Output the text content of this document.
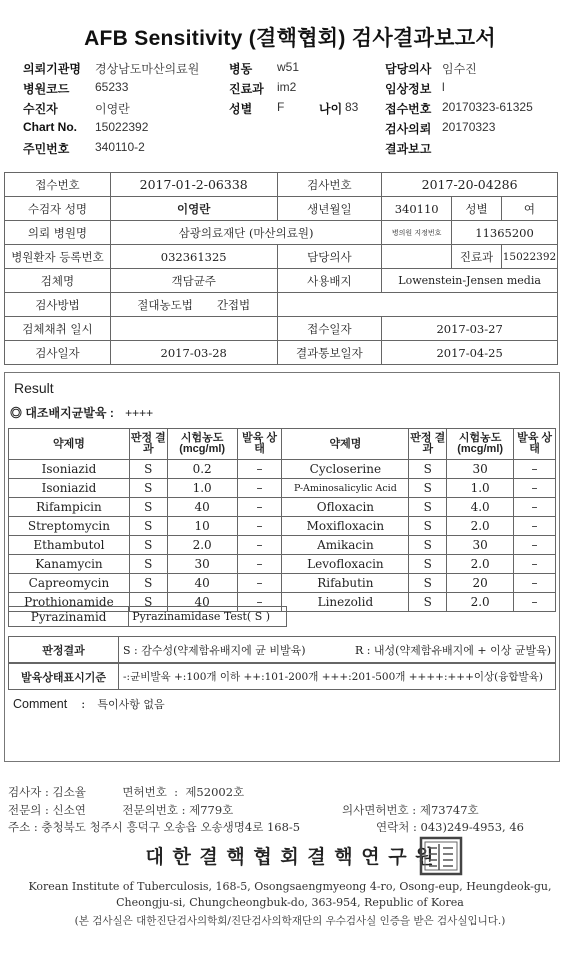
AFB Sensitivity (결핵협회) 검사결과보고서
의뢰기관명	경상남도마산의료원
병원코드	65233
수진자	이영란
Chart No.	15022392
주민번호	340110-2
병동	w51
진료과	im2
성별	F	나이 83
담당의사 임수진
임상정보 l
접수번호 20170323-61325
검사의뢰 20170323
결과보고
접수번호	2017-01-2-06338	검사번호	2017-20-04286		
수검자 성명	이영란	생년월일	340110	성별	여
의뢰 병원명	삼광의료재단 (마산의료원)		병의원 지정번호	11365200	
병원환자 등록번호	032361325	담당의사		진료과	15022392
검체명	객담균주	사용배지	Lowenstein-Jensen media		
검사방법	절대농도법 간접법				
검체채취 일시		접수일자	2017-03-27		
검사일자	2017-03-28	결과통보일자	2017-04-25		
Result
◎ 대조배지균발육 : ++++
약제명	판정 결과	시험농도 (mcg/ml)	발육 상태	약제명	판정 결과	시험농도 (mcg/ml)	발육 상태
Isoniazid	S	0.2	–	Cycloserine	S	30	–
Isoniazid	S	1.0	–	P-Aminosalicylic Acid	S	1.0	–
Rifampicin	S	40	–	Ofloxacin	S	4.0	–
Streptomycin	S	10	–	Moxifloxacin	S	2.0	–
Ethambutol	S	2.0	–	Amikacin	S	30	–
Kanamycin	S	30	–	Levofloxacin	S	2.0	–
Capreomycin	S	40	–	Rifabutin	S	20	–
Prothionamide	S	40	–	Linezolid	S	2.0	–
Pyrazinamid	Pyrazinamidase Test( S )
판정결과	S : 감수성(약제함유배지에 균 비발육)	R : 내성(약제함유배지에 + 이상 균발육)
발육상태표시기준	-:균비발육 +:100개 이하 ++:101-200개 +++:201-500개 ++++:+++이상(융합발육)
Comment : 특이사항 없음
검사자 : 김소율          면허번호  :  제52002호
전문의 : 신소연          전문의번호 : 제779호	의사면허번호 : 제73747호
주소 : 충청북도 청주시 흥덕구 오송읍 오송생명4로 168-5	연락처 : 043)249-4953, 46
대 한 결 핵 협 회 결 핵 연 구 원
Korean Institute of Tuberculosis, 168-5, Osongsaengmyeong 4-ro, Osong-eup, Heungdeok-gu,
Cheongju-si, Chungcheongbuk-do, 363-954, Republic of Korea
(본 검사실은 대한진단검사의학회/진단검사의학재단의 우수검사실 인증을 받은 검사실입니다.)
